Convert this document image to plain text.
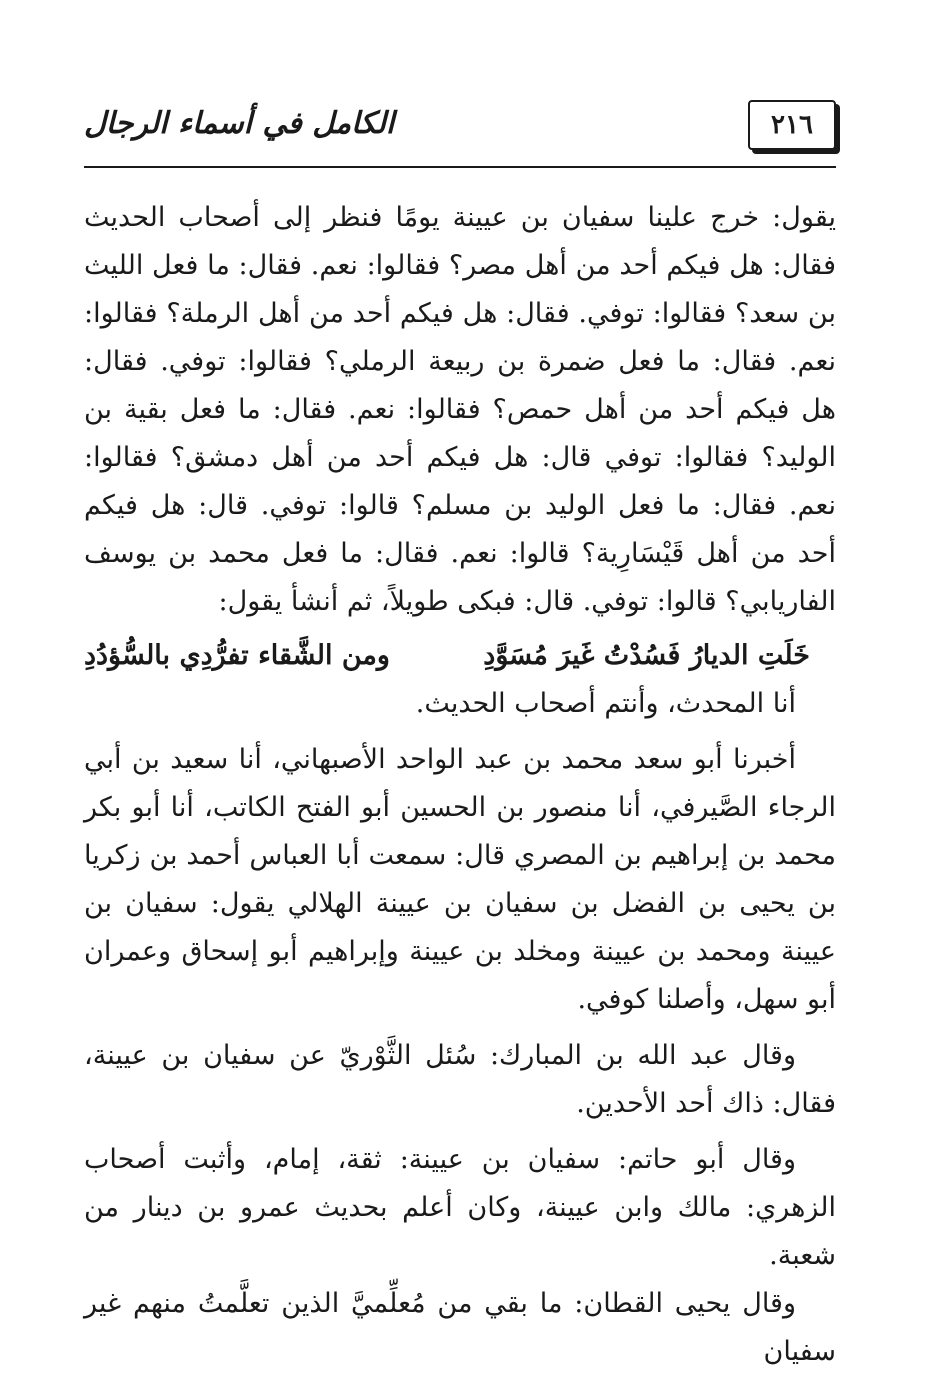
الكامل في أسماء الرجال	٢١٦

يقول: خرج علينا سفيان بن عيينة يومًا فنظر إلى أصحاب الحديث فقال: هل فيكم أحد من أهل مصر؟ فقالوا: نعم. فقال: ما فعل الليث بن سعد؟ فقالوا: توفي. فقال: هل فيكم أحد من أهل الرملة؟ فقالوا: نعم. فقال: ما فعل ضمرة بن ربيعة الرملي؟ فقالوا: توفي. فقال: هل فيكم أحد من أهل حمص؟ فقالوا: نعم. فقال: ما فعل بقية بن الوليد؟ فقالوا: توفي قال: هل فيكم أحد من أهل دمشق؟ فقالوا: نعم. فقال: ما فعل الوليد بن مسلم؟ قالوا: توفي. قال: هل فيكم أحد من أهل قَيْسَارِية؟ قالوا: نعم. فقال: ما فعل محمد بن يوسف الفاريابي؟ قالوا: توفي. قال: فبكى طويلاً، ثم أنشأ يقول:

خَلَتِ الديارُ فَسُدْتُ غَيرَ مُسَوَّدِ
ومن الشَّقاء تفرُّدِي بالسُّؤدُدِ

أنا المحدث، وأنتم أصحاب الحديث.

أخبرنا أبو سعد محمد بن عبد الواحد الأصبهاني، أنا سعيد بن أبي الرجاء الصَّيرفي، أنا منصور بن الحسين أبو الفتح الكاتب، أنا أبو بكر محمد بن إبراهيم بن المصري قال: سمعت أبا العباس أحمد بن زكريا بن يحيى بن الفضل بن سفيان بن عيينة الهلالي يقول: سفيان بن عيينة ومحمد بن عيينة ومخلد بن عيينة وإبراهيم أبو إسحاق وعمران أبو سهل، وأصلنا كوفي.

وقال عبد الله بن المبارك: سُئل الثَّوْريّ عن سفيان بن عيينة، فقال: ذاك أحد الأحدين.

وقال أبو حاتم: سفيان بن عيينة: ثقة، إمام، وأثبت أصحاب الزهري: مالك وابن عيينة، وكان أعلم بحديث عمرو بن دينار من شعبة.

وقال يحيى القطان: ما بقي من مُعلِّميَّ الذين تعلَّمتُ منهم غير سفيان
